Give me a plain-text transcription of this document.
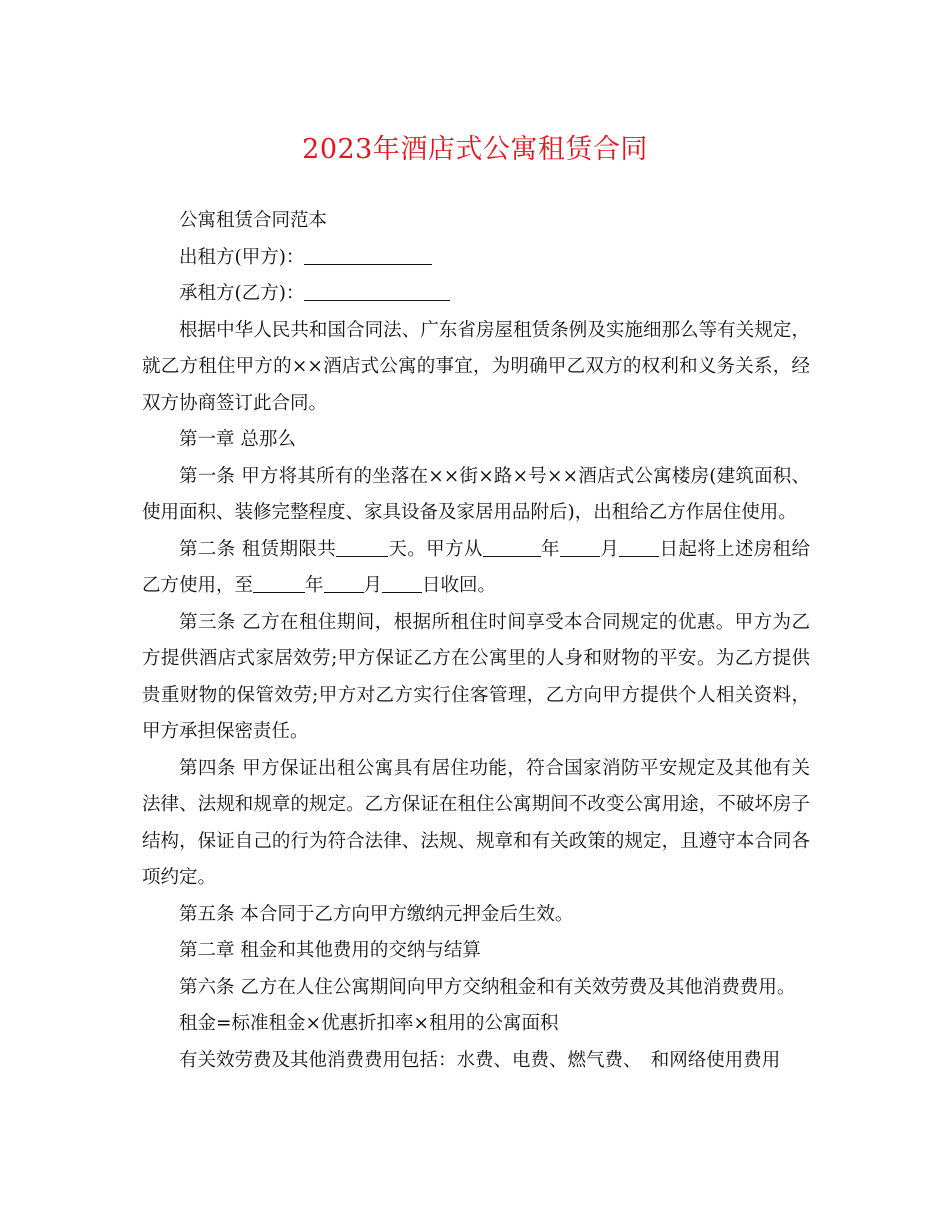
2023年酒店式公寓租赁合同

公寓租赁合同范本

出租方(甲方)：

承租方(乙方)：

根据中华人民共和国合同法、广东省房屋租赁条例及实施细那么等有关规定，就乙方租住甲方的××酒店式公寓的事宜，为明确甲乙双方的权利和义务关系，经双方协商签订此合同。

第一章 总那么

第一条 甲方将其所有的坐落在××街×路×号××酒店式公寓楼房(建筑面积、使用面积、装修完整程度、家具设备及家居用品附后)，出租给乙方作居住使用。

第二条 租赁期限共	天。甲方从	年 月 日起将上述房租给乙方使用，至	年 月 日收回。

第三条 乙方在租住期间，根据所租住时间享受本合同规定的优惠。甲方为乙方提供酒店式家居效劳;甲方保证乙方在公寓里的人身和财物的平安。为乙方提供贵重财物的保管效劳;甲方对乙方实行住客管理，乙方向甲方提供个人相关资料，甲方承担保密责任。

第四条 甲方保证出租公寓具有居住功能，符合国家消防平安规定及其他有关法律、法规和规章的规定。乙方保证在租住公寓期间不改变公寓用途，不破坏房子结构，保证自己的行为符合法律、法规、规章和有关政策的规定，且遵守本合同各项约定。

第五条 本合同于乙方向甲方缴纳元押金后生效。

第二章 租金和其他费用的交纳与结算

第六条 乙方在人住公寓期间向甲方交纳租金和有关效劳费及其他消费费用。

租金=标准租金×优惠折扣率×租用的公寓面积

有关效劳费及其他消费费用包括：水费、电费、燃气费、　和网络使用费用
